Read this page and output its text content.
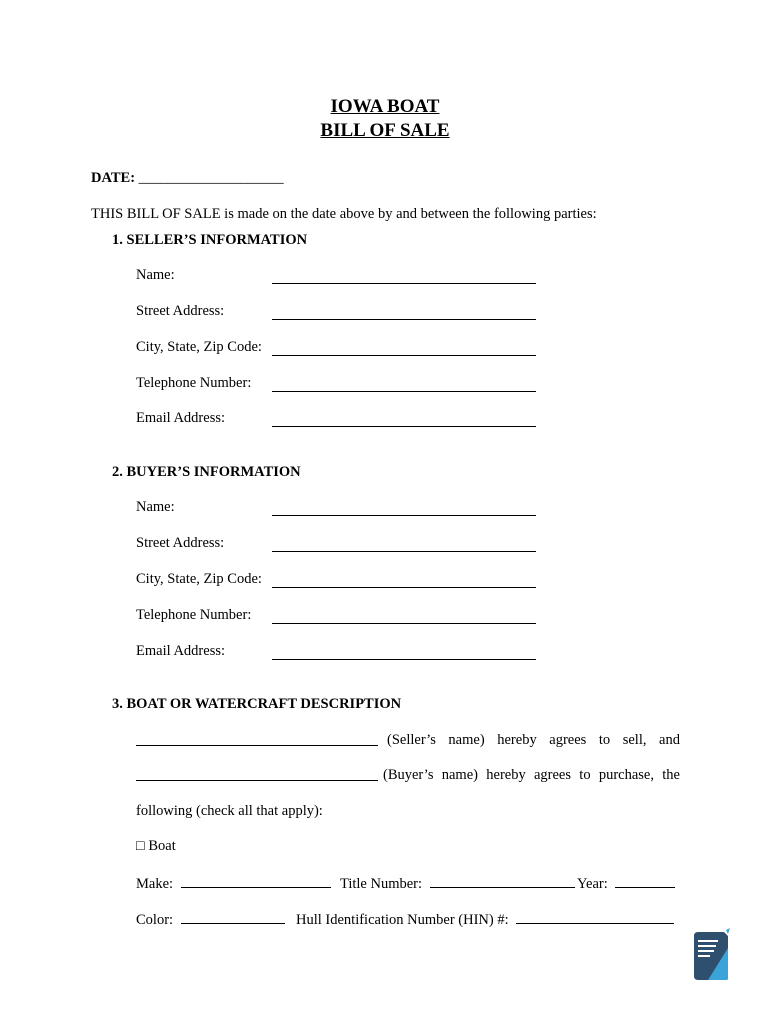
IOWA BOAT
BILL OF SALE
DATE: ____________________
THIS BILL OF SALE is made on the date above by and between the following parties:
1. SELLER’S INFORMATION
Name:
Street Address:
City, State, Zip Code:
Telephone Number:
Email Address:
2. BUYER’S INFORMATION
Name:
Street Address:
City, State, Zip Code:
Telephone Number:
Email Address:
3. BOAT OR WATERCRAFT DESCRIPTION
(Seller’s name) hereby agrees to sell, and
(Buyer’s name) hereby agrees to purchase, the
following (check all that apply):
□ Boat
Make:	Title Number:	Year:
Color:	Hull Identification Number (HIN) #:
